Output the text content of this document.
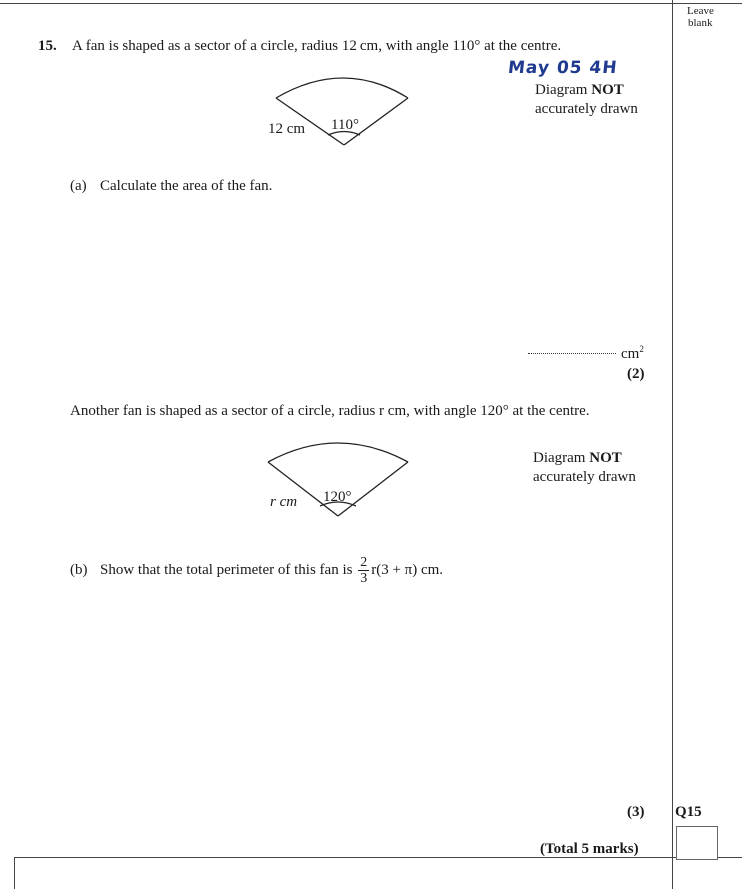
Leave
blank
15. A fan is shaped as a sector of a circle, radius 12 cm, with angle 110° at the centre.
May 05 4H
12 cm 110°
Diagram NOT
accurately drawn
(a) Calculate the area of the fan.
$cm^2$
(2)
Another fan is shaped as a sector of a circle, radius r cm, with angle 120° at the centre.
r cm 120°
Diagram NOT
accurately drawn
(b) Show that the total perimeter of this fan is $\frac{2}{3} r(3 + \pi)$ cm.
(3) Q15
(Total 5 marks)
